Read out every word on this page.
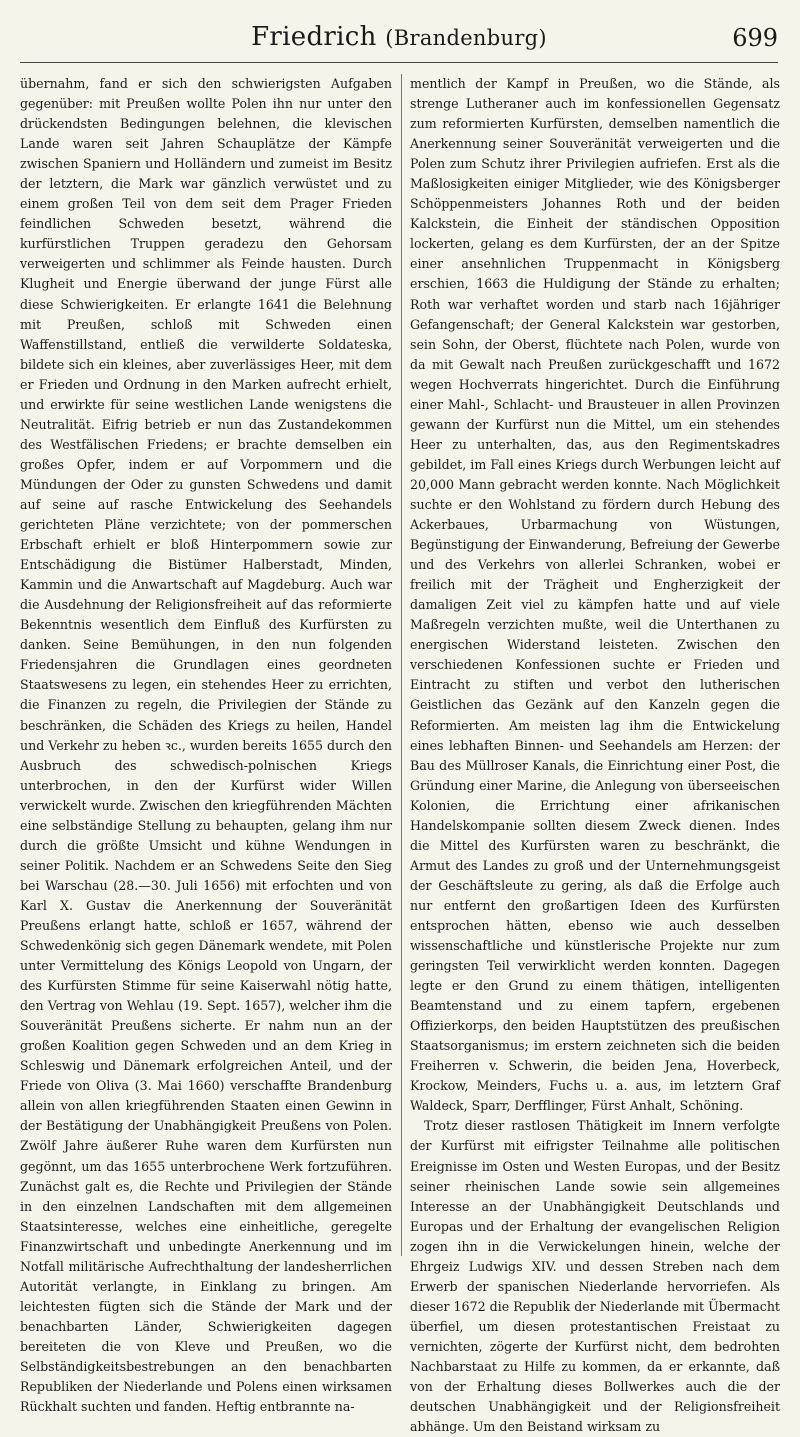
Friedrich (Brandenburg)	699

übernahm, fand er sich den schwierigsten Aufgaben gegenüber: mit Preußen wollte Polen ihn nur unter den drückendsten Bedingungen belehnen, die klevischen Lande waren seit Jahren Schauplätze der Kämpfe zwischen Spaniern und Holländern und zumeist im Besitz der letztern, die Mark war gänzlich verwüstet und zu einem großen Teil von dem seit dem Prager Frieden feindlichen Schweden besetzt, während die kurfürstlichen Truppen geradezu den Gehorsam verweigerten und schlimmer als Feinde hausten. Durch Klugheit und Energie überwand der junge Fürst alle diese Schwierigkeiten. Er erlangte 1641 die Belehnung mit Preußen, schloß mit Schweden einen Waffenstillstand, entließ die verwilderte Soldateska, bildete sich ein kleines, aber zuverlässiges Heer, mit dem er Frieden und Ordnung in den Marken aufrecht erhielt, und erwirkte für seine westlichen Lande wenigstens die Neutralität. Eifrig betrieb er nun das Zustandekommen des Westfälischen Friedens; er brachte demselben ein großes Opfer, indem er auf Vorpommern und die Mündungen der Oder zu gunsten Schwedens und damit auf seine auf rasche Entwickelung des Seehandels gerichteten Pläne verzichtete; von der pommerschen Erbschaft erhielt er bloß Hinterpommern sowie zur Entschädigung die Bistümer Halberstadt, Minden, Kammin und die Anwartschaft auf Magdeburg. Auch war die Ausdehnung der Religionsfreiheit auf das reformierte Bekenntnis wesentlich dem Einfluß des Kurfürsten zu danken. Seine Bemühungen, in den nun folgenden Friedensjahren die Grundlagen eines geordneten Staatswesens zu legen, ein stehendes Heer zu errichten, die Finanzen zu regeln, die Privilegien der Stände zu beschränken, die Schäden des Kriegs zu heilen, Handel und Verkehr zu heben ꝛc., wurden bereits 1655 durch den Ausbruch des schwedisch-polnischen Kriegs unterbrochen, in den der Kurfürst wider Willen verwickelt wurde. Zwischen den kriegführenden Mächten eine selbständige Stellung zu behaupten, gelang ihm nur durch die größte Umsicht und kühne Wendungen in seiner Politik. Nachdem er an Schwedens Seite den Sieg bei Warschau (28.—30. Juli 1656) mit erfochten und von Karl X. Gustav die Anerkennung der Souveränität Preußens erlangt hatte, schloß er 1657, während der Schwedenkönig sich gegen Dänemark wendete, mit Polen unter Vermittelung des Königs Leopold von Ungarn, der des Kurfürsten Stimme für seine Kaiserwahl nötig hatte, den Vertrag von Wehlau (19. Sept. 1657), welcher ihm die Souveränität Preußens sicherte. Er nahm nun an der großen Koalition gegen Schweden und an dem Krieg in Schleswig und Dänemark erfolgreichen Anteil, und der Friede von Oliva (3. Mai 1660) verschaffte Brandenburg allein von allen kriegführenden Staaten einen Gewinn in der Bestätigung der Unabhängigkeit Preußens von Polen. Zwölf Jahre äußerer Ruhe waren dem Kurfürsten nun gegönnt, um das 1655 unterbrochene Werk fortzuführen. Zunächst galt es, die Rechte und Privilegien der Stände in den einzelnen Landschaften mit dem allgemeinen Staatsinteresse, welches eine einheitliche, geregelte Finanzwirtschaft und unbedingte Anerkennung und im Notfall militärische Aufrechthaltung der landesherrlichen Autorität verlangte, in Einklang zu bringen. Am leichtesten fügten sich die Stände der Mark und der benachbarten Länder, Schwierigkeiten dagegen bereiteten die von Kleve und Preußen, wo die Selbständigkeitsbestrebungen an den benachbarten Republiken der Niederlande und Polens einen wirksamen Rückhalt suchten und fanden. Heftig entbrannte na-

mentlich der Kampf in Preußen, wo die Stände, als strenge Lutheraner auch im konfessionellen Gegensatz zum reformierten Kurfürsten, demselben namentlich die Anerkennung seiner Souveränität verweigerten und die Polen zum Schutz ihrer Privilegien aufriefen. Erst als die Maßlosigkeiten einiger Mitglieder, wie des Königsberger Schöppenmeisters Johannes Roth und der beiden Kalckstein, die Einheit der ständischen Opposition lockerten, gelang es dem Kurfürsten, der an der Spitze einer ansehnlichen Truppenmacht in Königsberg erschien, 1663 die Huldigung der Stände zu erhalten; Roth war verhaftet worden und starb nach 16jähriger Gefangenschaft; der General Kalckstein war gestorben, sein Sohn, der Oberst, flüchtete nach Polen, wurde von da mit Gewalt nach Preußen zurückgeschafft und 1672 wegen Hochverrats hingerichtet. Durch die Einführung einer Mahl-, Schlacht- und Brausteuer in allen Provinzen gewann der Kurfürst nun die Mittel, um ein stehendes Heer zu unterhalten, das, aus den Regimentskadres gebildet, im Fall eines Kriegs durch Werbungen leicht auf 20,000 Mann gebracht werden konnte. Nach Möglichkeit suchte er den Wohlstand zu fördern durch Hebung des Ackerbaues, Urbarmachung von Wüstungen, Begünstigung der Einwanderung, Befreiung der Gewerbe und des Verkehrs von allerlei Schranken, wobei er freilich mit der Trägheit und Engherzigkeit der damaligen Zeit viel zu kämpfen hatte und auf viele Maßregeln verzichten mußte, weil die Unterthanen zu energischen Widerstand leisteten. Zwischen den verschiedenen Konfessionen suchte er Frieden und Eintracht zu stiften und verbot den lutherischen Geistlichen das Gezänk auf den Kanzeln gegen die Reformierten. Am meisten lag ihm die Entwickelung eines lebhaften Binnen- und Seehandels am Herzen: der Bau des Müllroser Kanals, die Einrichtung einer Post, die Gründung einer Marine, die Anlegung von überseeischen Kolonien, die Errichtung einer afrikanischen Handelskompanie sollten diesem Zweck dienen. Indes die Mittel des Kurfürsten waren zu beschränkt, die Armut des Landes zu groß und der Unternehmungsgeist der Geschäftsleute zu gering, als daß die Erfolge auch nur entfernt den großartigen Ideen des Kurfürsten entsprochen hätten, ebenso wie auch desselben wissenschaftliche und künstlerische Projekte nur zum geringsten Teil verwirklicht werden konnten. Dagegen legte er den Grund zu einem thätigen, intelligenten Beamtenstand und zu einem tapfern, ergebenen Offizierkorps, den beiden Hauptstützen des preußischen Staatsorganismus; im erstern zeichneten sich die beiden Freiherren v. Schwerin, die beiden Jena, Hoverbeck, Krockow, Meinders, Fuchs u. a. aus, im letztern Graf Waldeck, Sparr, Derfflinger, Fürst Anhalt, Schöning.

Trotz dieser rastlosen Thätigkeit im Innern verfolgte der Kurfürst mit eifrigster Teilnahme alle politischen Ereignisse im Osten und Westen Europas, und der Besitz seiner rheinischen Lande sowie sein allgemeines Interesse an der Unabhängigkeit Deutschlands und Europas und der Erhaltung der evangelischen Religion zogen ihn in die Verwickelungen hinein, welche der Ehrgeiz Ludwigs XIV. und dessen Streben nach dem Erwerb der spanischen Niederlande hervorriefen. Als dieser 1672 die Republik der Niederlande mit Übermacht überfiel, um diesen protestantischen Freistaat zu vernichten, zögerte der Kurfürst nicht, dem bedrohten Nachbarstaat zu Hilfe zu kommen, da er erkannte, daß von der Erhaltung dieses Bollwerkes auch die der deutschen Unabhängigkeit und der Religionsfreiheit abhänge. Um den Beistand wirksam zu
